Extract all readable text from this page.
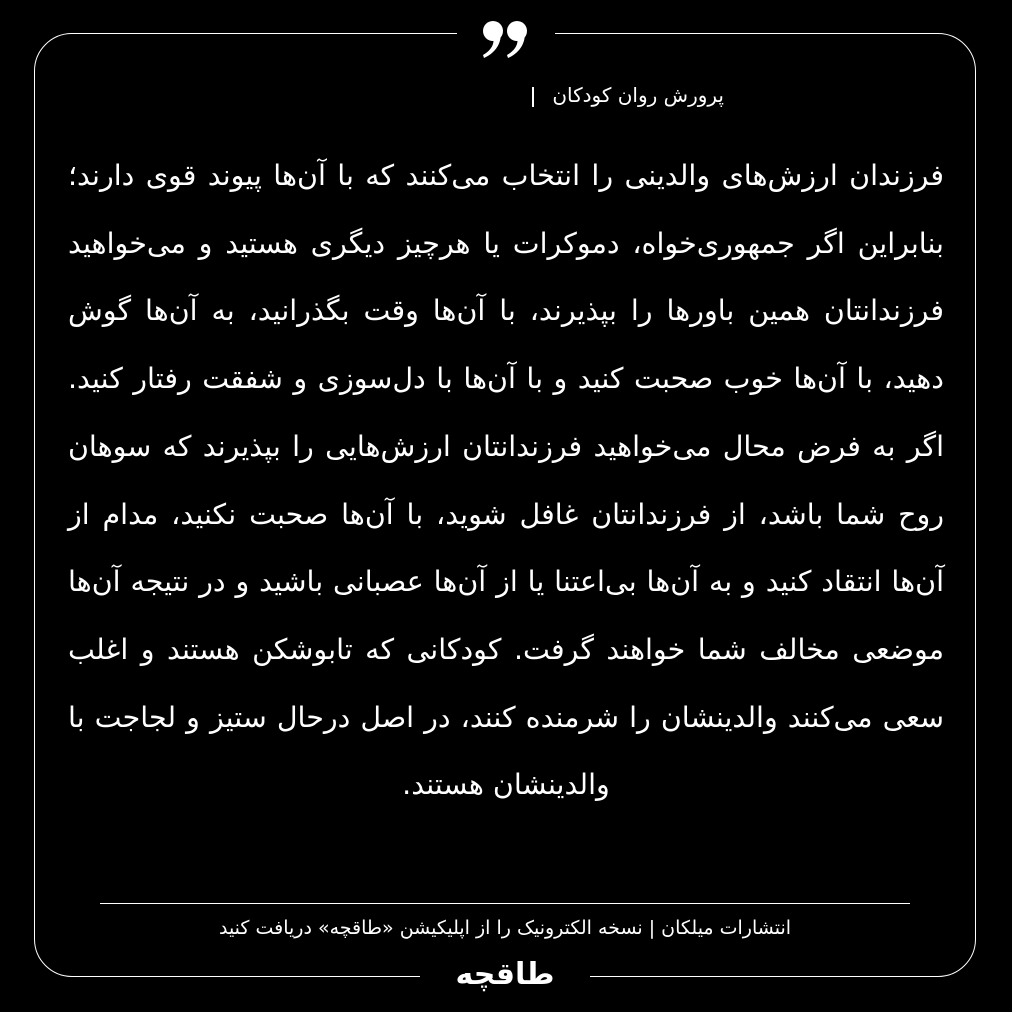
پرورش روان کودکان
فرزندان ارزش‌های والدینی را انتخاب می‌کنند که با آن‌ها پیوند قوی دارند؛ بنابراین اگر جمهوری‌خواه، دموکرات یا هرچیز دیگری هستید و می‌خواهید فرزندانتان همین باورها را بپذیرند، با آن‌ها وقت بگذرانید، به آن‌ها گوش دهید، با آن‌ها خوب صحبت کنید و با آن‌ها با دل‌سوزی و شفقت رفتار کنید. اگر به فرض محال می‌خواهید فرزندانتان ارزش‌هایی را بپذیرند که سوهان روح شما باشد، از فرزندانتان غافل شوید، با آن‌ها صحبت نکنید، مدام از آن‌ها انتقاد کنید و به آن‌ها بی‌اعتنا یا از آن‌ها عصبانی باشید و در نتیجه آن‌ها موضعی مخالف شما خواهند گرفت. کودکانی که تابوشکن هستند و اغلب سعی می‌کنند والدینشان را شرمنده کنند، در اصل درحال ستیز و لجاجت با والدینشان هستند.
انتشارات میلکان | نسخه الکترونیک را از اپلیکیشن «طاقچه» دریافت کنید
طاقچه
